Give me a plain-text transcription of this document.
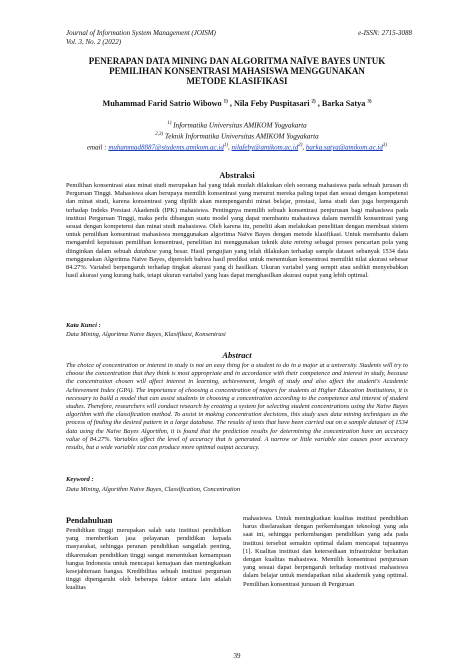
Journal of Information System Management (JOISM)
Vol. 3, No. 2 (2022)
e-ISSN: 2715-3088
PENERAPAN DATA MINING DAN ALGORITMA NAÏVE BAYES UNTUK
PEMILIHAN KONSENTRASI MAHASISWA MENGGUNAKAN
METODE KLASIFIKASI
Muhammad Farid Satrio Wibowo $^{1)}$ , Nila Feby Puspitasari $^{2)}$ , Barka Satya $^{3)}$
$^{1)}$ Informatika Universitas AMIKOM Yogyakarta
$^{2,3)}$ Teknik Informatika Universitas AMIKOM Yogyakarta
email : $muhammad8887@students.amikom.ac.id^{1)}$, $nilafeby@amikom.ac.id^{2)}$, $barka.satya@amikom.ac.id^{3)}$
Abstraksi
Pemilihan konsentrasi atau minat studi merupakan hal yang tidak mudah dilakukan oleh seorang mahasiswa pada sebuah jurusan di Perguruan Tinggi. Mahasiswa akan berupaya memilih konsentrasi yang menurut mereka paling tepat dan sesuai dengan kompetensi dan minat studi, karena konsentrasi yang dipilih akan mempengaruhi minat belajar, prestasi, lama studi dan juga berpengaruh terhadap Indeks Prestasi Akademik (IPK) mahasiswa. Pentingnya memilih sebuah konsentrasi penjurusan bagi mahasiswa pada institusi Perguruan Tinggi, maka perlu dibangun suatu model yang dapat membantu mahasiswa dalam memilih konsentrasi yang sesuai dengan kompetensi dan minat studi mahasiswa. Oleh karena itu, peneliti akan melakukan penelitian dengan membuat sistem untuk pemilihan konsentrasi mahasiswa menggunakan algoritma Naïve Bayes dengan metode klasifikasi. Untuk membantu dalam mengambil keputusan pemilihan konsentrasi, penelitian ini menggunakan teknik data mining sebagai proses pencarian pola yang diinginkan dalam sebuah database yang besar. Hasil pengujian yang telah dilakukan terhadap sample dataset sebanyak 1534 data menggunakan Algoritma Naïve Bayes, diperoleh bahwa hasil prediksi untuk menentukan konsentrasi memiliki nilai akurasi sebesar 84.27%. Variabel berpengaruh terhadap tingkat akurasi yang di hasilkan. Ukuran variabel yang sempit atau sedikit menyebabkan hasil akurasi yang kurang baik, tetapi ukuran variabel yang luas dapat menghasilkan akurasi ouput yang lebih optimal.
Kata Kunci :
Data Mining, Algoritma Naive Bayes, Klasifikasi, Konsentrasi
Abstract
The choice of concentration or interest in study is not an easy thing for a student to do in a major at a university. Students will try to choose the concentration that they think is most appropriate and in accordance with their competence and interest in study, because the concentration chosen will affect interest in learning, achievement, length of study and also affect the student's Academic Achievement Index (GPA). The importance of choosing a concentration of majors for students at Higher Education Institutions, it is necessary to build a model that can assist students in choosing a concentration according to the competence and interest of student studies. Therefore, researchers will conduct research by creating a system for selecting student concentrations using the Naïve Bayes algorithm with the classification method. To assist in making concentration decisions, this study uses data mining techniques as the process of finding the desired pattern in a large database. The results of tests that have been carried out on a sample dataset of 1534 data using the Naïve Bayes Algorithm, it is found that the prediction results for determining the concentration have an accuracy value of 84.27%. Variables affect the level of accuracy that is generated. A narrow or little variable size causes poor accuracy results, but a wide variable size can produce more optimal output accuracy.
Keyword :
Data Mining, Algorithm Naive Bayes, Classification, Concentration
Pendahuluan
Pendidikan tinggi merupakan salah satu institusi pendidikan yang memberikan jasa pelayanan pendidikan kepada masyarakat, sehingga peranan pendidikan sangatlah penting, dikarenakan pendidikan tinggi sangat menentukan kemampuan bangsa Indonesia untuk mencapai kemajuan dan meningkatkan kesejahteraan bangsa. Kredibilitas sebuah institusi perguruan tinggi dipengaruhi oleh beberapa faktor antara lain adalah kualitas
mahasiswa. Untuk meningkatkan kualitas institusi pendidikan harus diselaraskan dengan perkembangan teknologi yang ada saat ini, sehingga perkembangan pendidikan yang ada pada institusi tersebut semakin optimal dalam mencapai tujuannya [1]. Kualitas institusi dan ketersediaan infrastruktur berkaitan dengan kualitas mahasiswa. Memilih konsentrasi penjurusan yang sesuai dapat berpengaruh terhadap motivasi mahasiswa dalam belajar untuk mendapatkan nilai akademik yang optimal. Pemilihan konsentrasi jurusan di Perguruan
39
